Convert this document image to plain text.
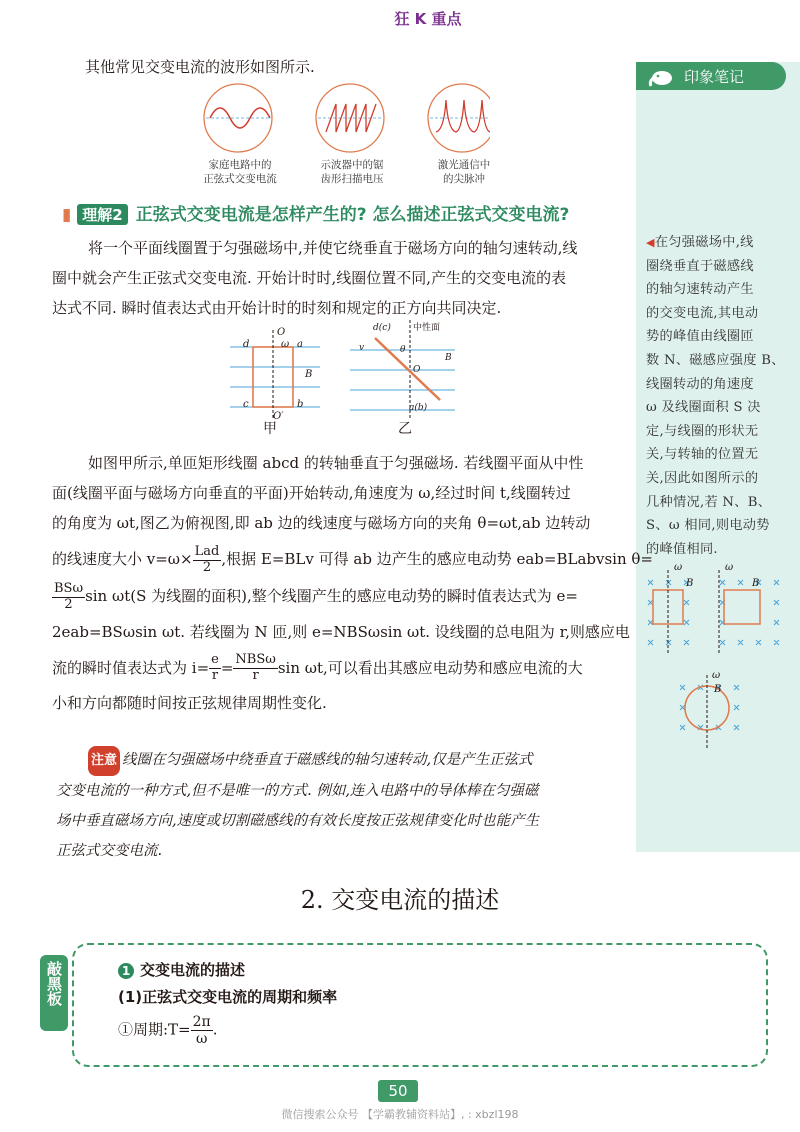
狂 K 重点
印象笔记
◀在匀强磁场中,线
圈绕垂直于磁感线
的轴匀速转动产生
的交变电流,其电动
势的峰值由线圈匝
数 N、磁感应强度 B、
线圈转动的角速度
ω 及线圈面积 S 决
定,与线圈的形状无
关,与转轴的位置无
关,因此如图所示的
几种情况,若 N、B、
S、ω 相同,则电动势
的峰值相同.
ω
B
ω
B
ω
B
其他常见交变电流的波形如图所示.
家庭电路中的
正弦式交变电流
示波器中的锯
齿形扫描电压
激光通信中
的尖脉冲
▮ 理解2 正弦式交变电流是怎样产生的? 怎么描述正弦式交变电流?
将一个平面线圈置于匀强磁场中,并使它绕垂直于磁场方向的轴匀速转动,线
圈中就会产生正弦式交变电流. 开始计时时,线圈位置不同,产生的交变电流的表
达式不同. 瞬时值表达式由开始计时的时刻和规定的正方向共同决定.
O
O′
a
b
c
d	ω
B
甲
d(c) 中性面
v	θ
O
B
a(b)
乙
如图甲所示,单匝矩形线圈 abcd 的转轴垂直于匀强磁场. 若线圈平面从中性
面(线圈平面与磁场方向垂直的平面)开始转动,角速度为 ω,经过时间 t,线圈转过
的角度为 ωt,图乙为俯视图,即 ab 边的线速度与磁场方向的夹角 θ=ωt,ab 边转动
的线速度大小 $v=\omega\times \frac{\text{Lad}}{2}$ ,根据 E=BLv 可得 ab 边产生的感应电动势 eab=BLabvsin θ=
$\frac{\text{BSω}}{2}$ sin ωt(S 为线圈的面积),整个线圈产生的感应电动势的瞬时值表达式为 e=
2eab=BSωsin ωt. 若线圈为 N 匝,则 e=NBSωsin ωt. 设线圈的总电阻为 r,则感应电
流的瞬时值表达式为 $i= \frac{e}{r} = \frac{\text{NBSω}}{r}$ sin ωt,可以看出其感应电动势和感应电流的大
小和方向都随时间按正弦规律周期性变化.
注意 线圈在匀强磁场中绕垂直于磁感线的轴匀速转动,仅是产生正弦式
交变电流的一种方式,但不是唯一的方式. 例如,连入电路中的导体棒在匀强磁
场中垂直磁场方向,速度或切割磁感线的有效长度按正弦规律变化时也能产生
正弦式交变电流.
2. 交变电流的描述
敲黑板	1 交变电流的描述
(1)正弦式交变电流的周期和频率
①周期:T= $\frac{2\pi}{\omega}$ .
50
微信搜索公众号 【学霸教辅资料站】, : xbzl198
